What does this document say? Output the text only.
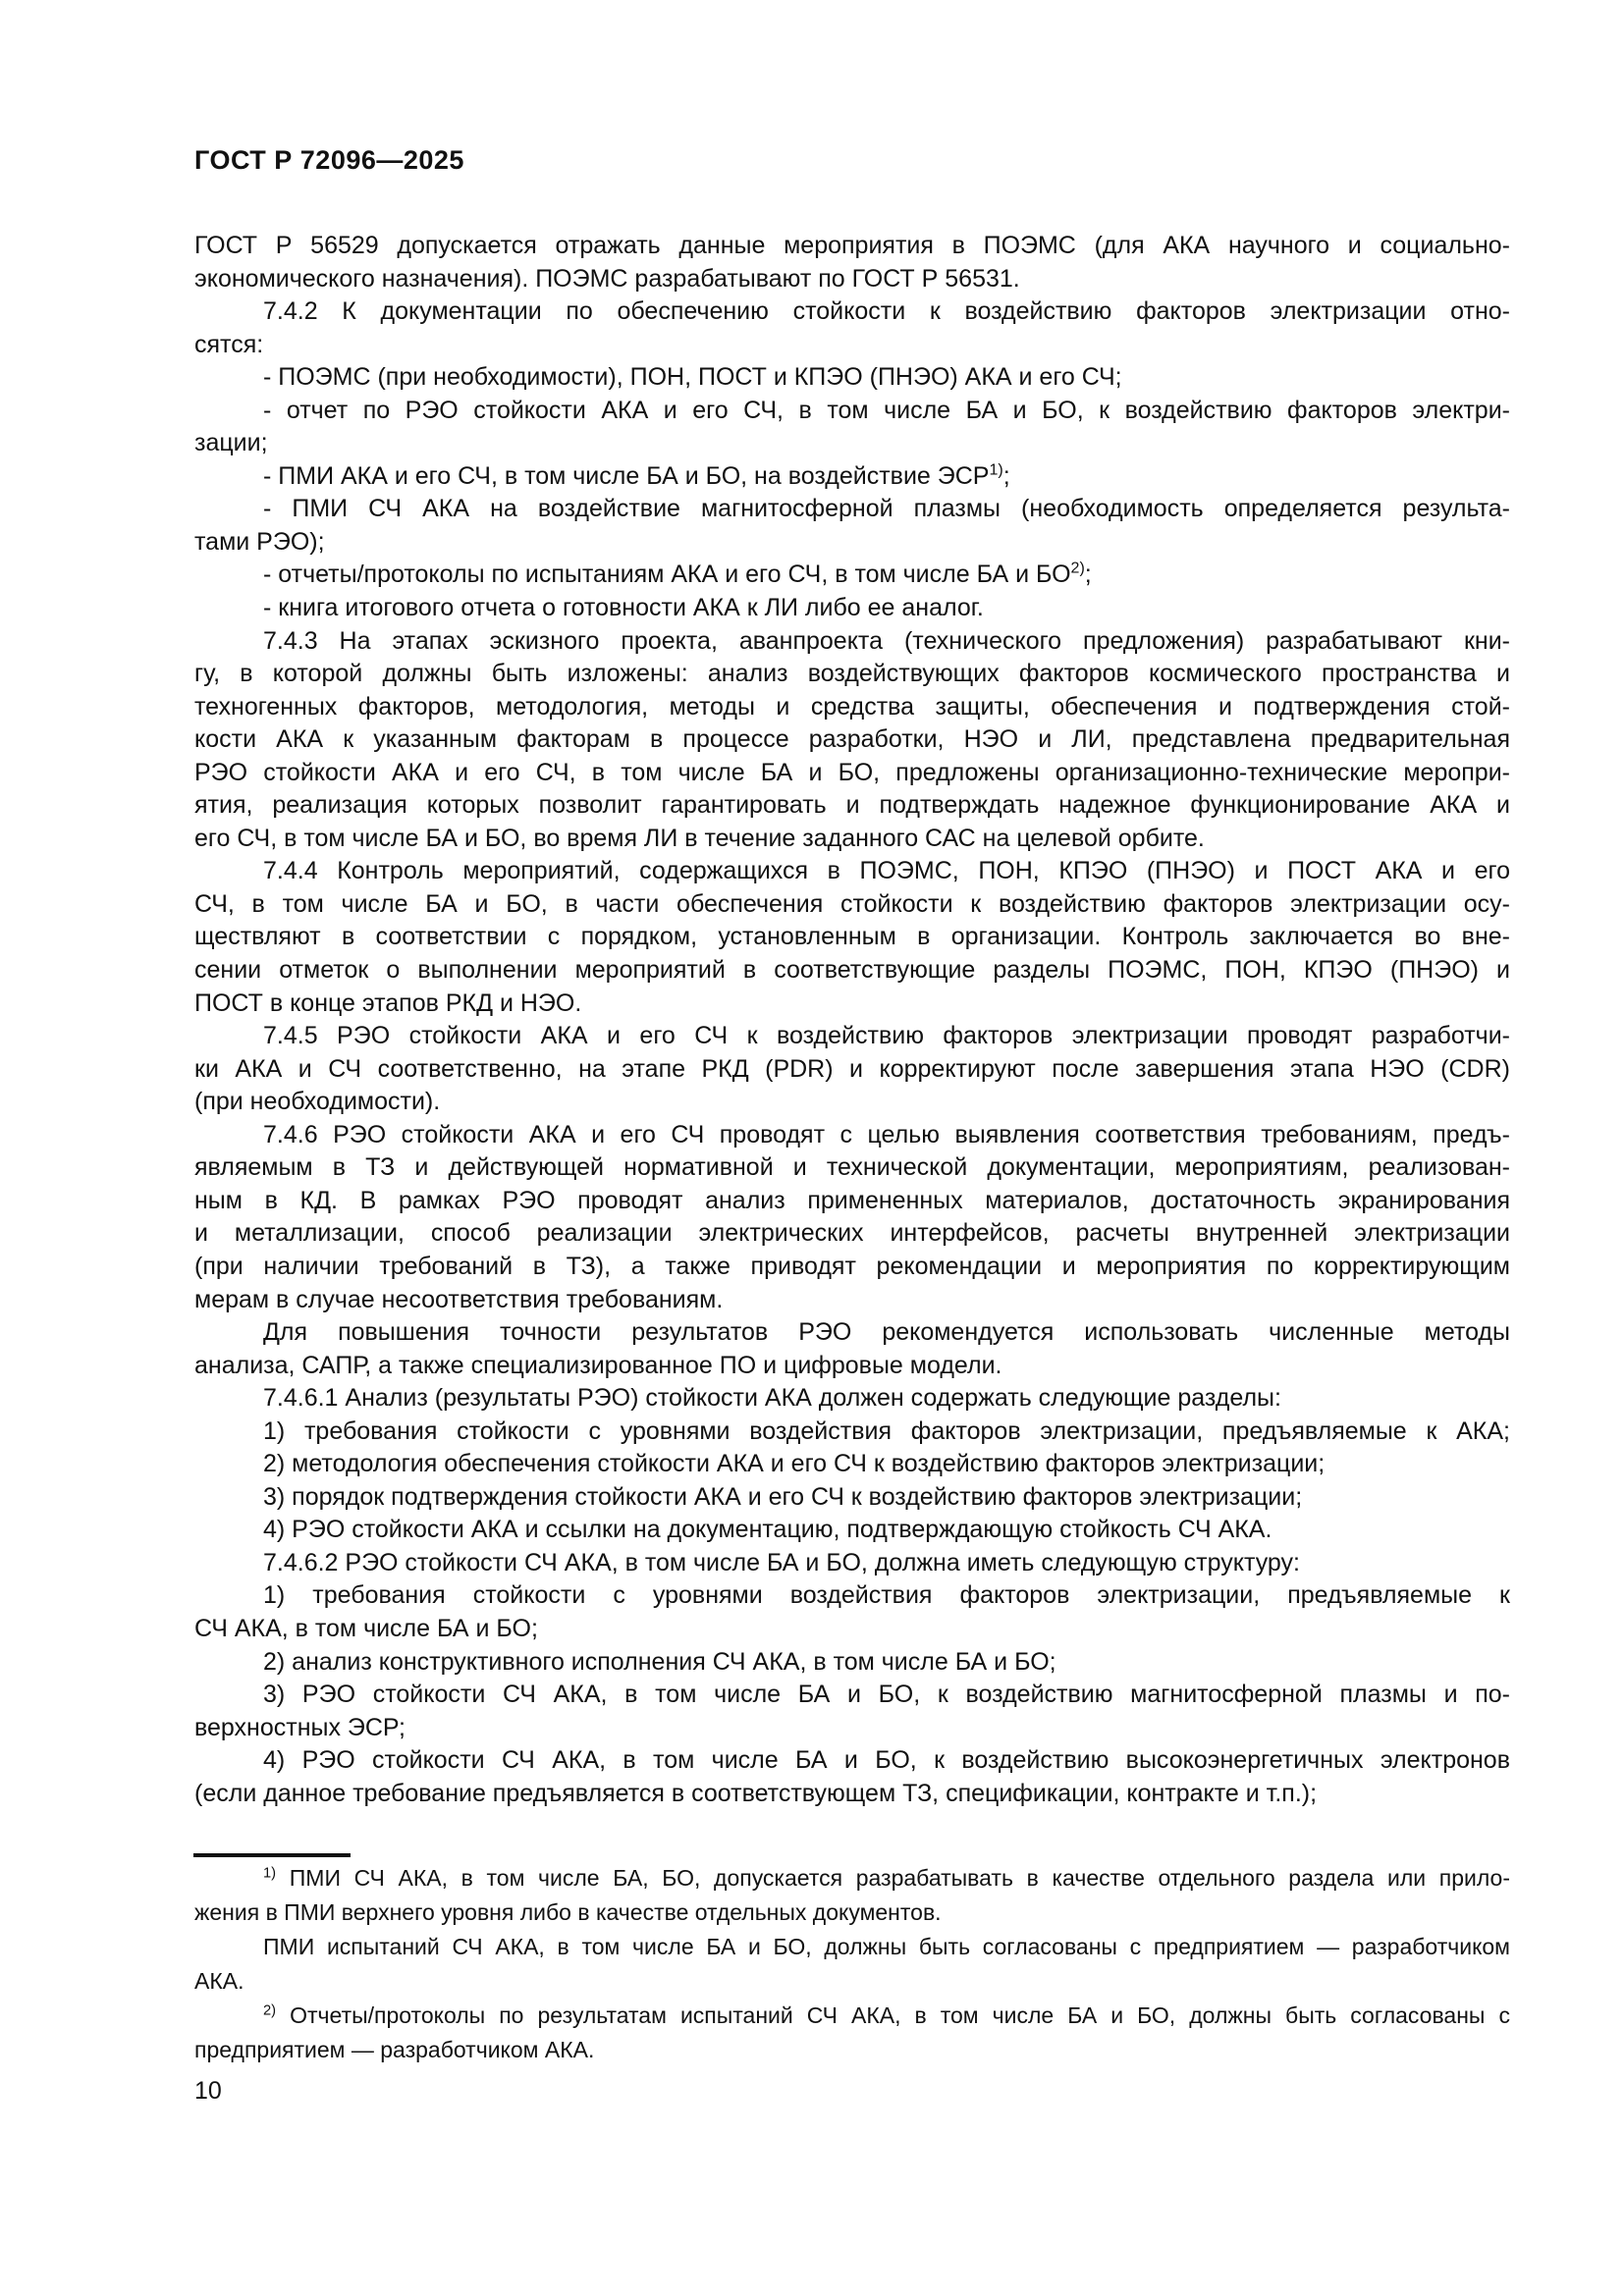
ГОСТ Р 72096—2025
ГОСТ Р 56529 допускается отражать данные мероприятия в ПОЭМС (для АКА научного и социально-
экономического назначения). ПОЭМС разрабатывают по ГОСТ Р 56531.
7.4.2 К документации по обеспечению стойкости к воздействию факторов электризации отно-
сятся:
- ПОЭМС (при необходимости), ПОН, ПОСТ и КПЭО (ПНЭО) АКА и его СЧ;
- отчет по РЭО стойкости АКА и его СЧ, в том числе БА и БО, к воздействию факторов электри-
зации;
- ПМИ АКА и его СЧ, в том числе БА и БО, на воздействие ЭСР$^{1)}$;
- ПМИ СЧ АКА на воздействие магнитосферной плазмы (необходимость определяется результа-
тами РЭО);
- отчеты/протоколы по испытаниям АКА и его СЧ, в том числе БА и БО$^{2)}$;
- книга итогового отчета о готовности АКА к ЛИ либо ее аналог.
7.4.3 На этапах эскизного проекта, аванпроекта (технического предложения) разрабатывают кни-
гу, в которой должны быть изложены: анализ воздействующих факторов космического пространства и
техногенных факторов, методология, методы и средства защиты, обеспечения и подтверждения стой-
кости АКА к указанным факторам в процессе разработки, НЭО и ЛИ, представлена предварительная
РЭО стойкости АКА и его СЧ, в том числе БА и БО, предложены организационно-технические меропри-
ятия, реализация которых позволит гарантировать и подтверждать надежное функционирование АКА и
его СЧ, в том числе БА и БО, во время ЛИ в течение заданного САС на целевой орбите.
7.4.4 Контроль мероприятий, содержащихся в ПОЭМС, ПОН, КПЭО (ПНЭО) и ПОСТ АКА и его
СЧ, в том числе БА и БО, в части обеспечения стойкости к воздействию факторов электризации осу-
ществляют в соответствии с порядком, установленным в организации. Контроль заключается во вне-
сении отметок о выполнении мероприятий в соответствующие разделы ПОЭМС, ПОН, КПЭО (ПНЭО) и
ПОСТ в конце этапов РКД и НЭО.
7.4.5 РЭО стойкости АКА и его СЧ к воздействию факторов электризации проводят разработчи-
ки АКА и СЧ соответственно, на этапе РКД (PDR) и корректируют после завершения этапа НЭО (CDR)
(при необходимости).
7.4.6 РЭО стойкости АКА и его СЧ проводят с целью выявления соответствия требованиям, предъ-
являемым в ТЗ и действующей нормативной и технической документации, мероприятиям, реализован-
ным в КД. В рамках РЭО проводят анализ примененных материалов, достаточность экранирования
и металлизации, способ реализации электрических интерфейсов, расчеты внутренней электризации
(при наличии требований в ТЗ), а также приводят рекомендации и мероприятия по корректирующим
мерам в случае несоответствия требованиям.
Для повышения точности результатов РЭО рекомендуется использовать численные методы
анализа, САПР, а также специализированное ПО и цифровые модели.
7.4.6.1 Анализ (результаты РЭО) стойкости АКА должен содержать следующие разделы:
1) требования стойкости с уровнями воздействия факторов электризации, предъявляемые к АКА;
2) методология обеспечения стойкости АКА и его СЧ к воздействию факторов электризации;
3) порядок подтверждения стойкости АКА и его СЧ к воздействию факторов электризации;
4) РЭО стойкости АКА и ссылки на документацию, подтверждающую стойкость СЧ АКА.
7.4.6.2 РЭО стойкости СЧ АКА, в том числе БА и БО, должна иметь следующую структуру:
1) требования стойкости с уровнями воздействия факторов электризации, предъявляемые к
СЧ АКА, в том числе БА и БО;
2) анализ конструктивного исполнения СЧ АКА, в том числе БА и БО;
3) РЭО стойкости СЧ АКА, в том числе БА и БО, к воздействию магнитосферной плазмы и по-
верхностных ЭСР;
4) РЭО стойкости СЧ АКА, в том числе БА и БО, к воздействию высокоэнергетичных электронов
(если данное требование предъявляется в соответствующем ТЗ, спецификации, контракте и т.п.);
$^{1)}$ ПМИ СЧ АКА, в том числе БА, БО, допускается разрабатывать в качестве отдельного раздела или прило-
жения в ПМИ верхнего уровня либо в качестве отдельных документов.
ПМИ испытаний СЧ АКА, в том числе БА и БО, должны быть согласованы с предприятием — разработчиком
АКА.
$^{2)}$ Отчеты/протоколы по результатам испытаний СЧ АКА, в том числе БА и БО, должны быть согласованы с
предприятием — разработчиком АКА.
10
